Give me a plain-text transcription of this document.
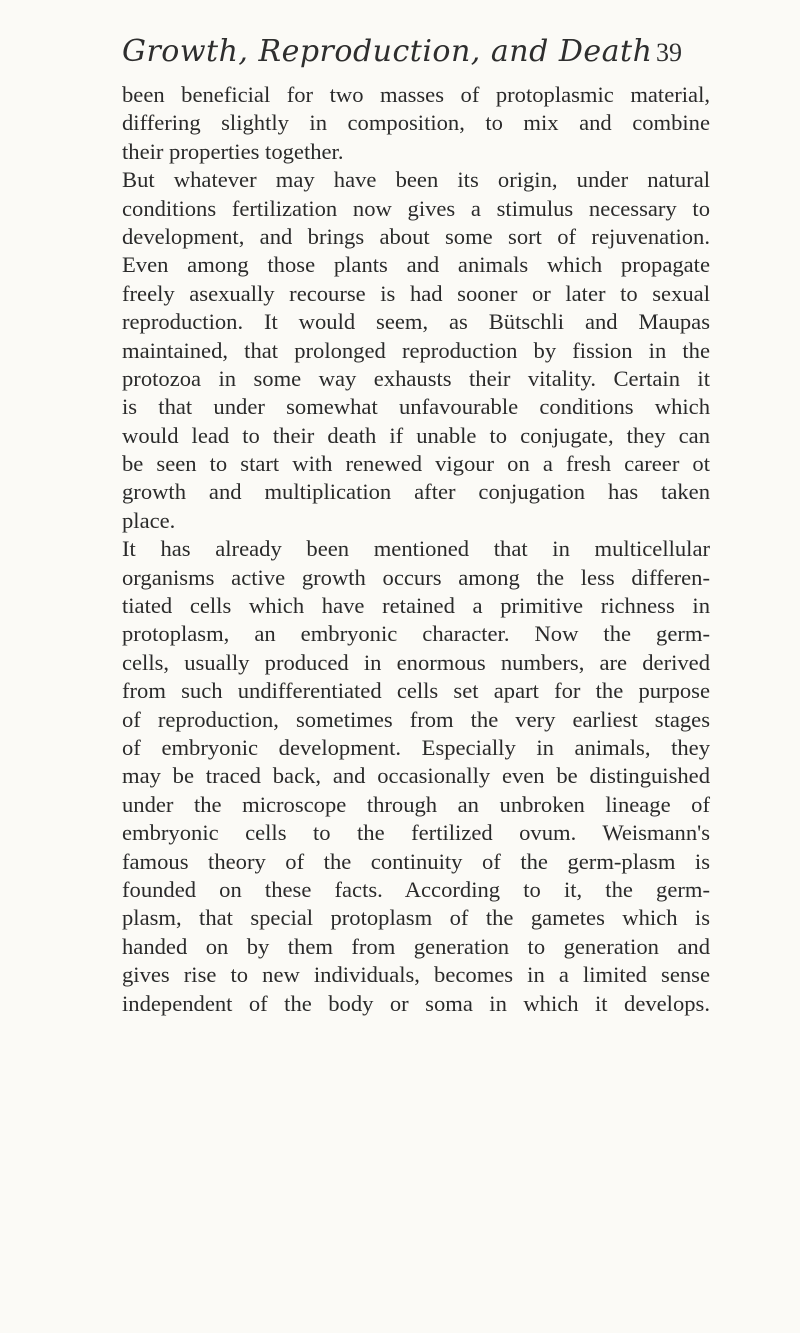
Growth, Reproduction, and Death 39
been beneficial for two masses of protoplasmic material,
differing slightly in composition, to mix and combine
their properties together.
But whatever may have been its origin, under natural
conditions fertilization now gives a stimulus necessary to
development, and brings about some sort of rejuvenation.
Even among those plants and animals which propagate
freely asexually recourse is had sooner or later to sexual
reproduction. It would seem, as Bütschli and Maupas
maintained, that prolonged reproduction by fission in the
protozoa in some way exhausts their vitality. Certain it
is that under somewhat unfavourable conditions which
would lead to their death if unable to conjugate, they can
be seen to start with renewed vigour on a fresh career ot
growth and multiplication after conjugation has taken
place.
It has already been mentioned that in multicellular
organisms active growth occurs among the less differen-
tiated cells which have retained a primitive richness in
protoplasm, an embryonic character. Now the germ-
cells, usually produced in enormous numbers, are derived
from such undifferentiated cells set apart for the purpose
of reproduction, sometimes from the very earliest stages
of embryonic development. Especially in animals, they
may be traced back, and occasionally even be distinguished
under the microscope through an unbroken lineage of
embryonic cells to the fertilized ovum. Weismann's
famous theory of the continuity of the germ-plasm is
founded on these facts. According to it, the germ-
plasm, that special protoplasm of the gametes which is
handed on by them from generation to generation and
gives rise to new individuals, becomes in a limited sense
independent of the body or soma in which it develops.
